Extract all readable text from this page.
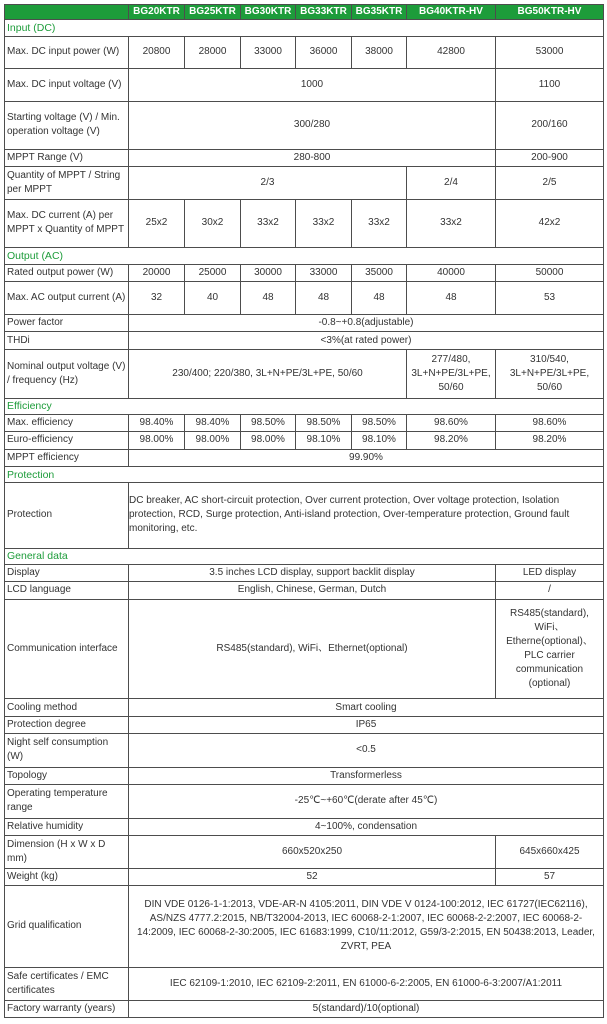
	BG20KTR	BG25KTR	BG30KTR	BG33KTR	BG35KTR	BG40KTR-HV	BG50KTR-HV
Input (DC)							
Max. DC input power (W)	20800	28000	33000	36000	38000	42800	53000
Max. DC input voltage (V)	1000						1100
Starting voltage (V) / Min. operation voltage (V)	300/280						200/160
MPPT Range (V)	280-800						200-900
Quantity of MPPT / String per MPPT	2/3					2/4	2/5
Max. DC current (A) per MPPT x Quantity of MPPT	25x2	30x2	33x2	33x2	33x2	33x2	42x2
Output (AC)							
Rated output power (W)	20000	25000	30000	33000	35000	40000	50000
Max. AC output current (A)	32	40	48	48	48	48	53
Power factor	-0.8~+0.8(adjustable)						
THDi	<3%(at rated power)						
Nominal output voltage (V) / frequency (Hz)	230/400; 220/380, 3L+N+PE/3L+PE, 50/60					277/480, 3L+N+PE/3L+PE, 50/60	310/540, 3L+N+PE/3L+PE, 50/60
Efficiency							
Max. efficiency	98.40%	98.40%	98.50%	98.50%	98.50%	98.60%	98.60%
Euro-efficiency	98.00%	98.00%	98.00%	98.10%	98.10%	98.20%	98.20%
MPPT efficiency	99.90%						
Protection							
Protection	DC breaker, AC short-circuit protection, Over current protection, Over voltage protection, Isolation protection, RCD, Surge protection, Anti-island protection, Over-temperature protection, Ground fault monitoring, etc.						
General data							
Display	3.5 inches LCD display, support backlit display						LED display
LCD language	English, Chinese, German, Dutch						/
Communication interface	RS485(standard), WiFi、Ethernet(optional)						RS485(standard), WiFi、Etherne(optional)、PLC carrier communication (optional)
Cooling method	Smart cooling						
Protection degree	IP65						
Night self consumption (W)	<0.5						
Topology	Transformerless						
Operating temperature range	-25℃~+60℃(derate after 45℃)						
Relative humidity	4~100%, condensation						
Dimension (H x W x D mm)	660x520x250						645x660x425
Weight (kg)	52						57
Grid qualification	DIN VDE 0126-1-1:2013, VDE-AR-N 4105:2011, DIN VDE V 0124-100:2012, IEC 61727(IEC62116), AS/NZS 4777.2:2015, NB/T32004-2013, IEC 60068-2-1:2007, IEC 60068-2-2:2007, IEC 60068-2-14:2009, IEC 60068-2-30:2005, IEC 61683:1999, C10/11:2012, G59/3-2:2015, EN 50438:2013, Leader, ZVRT, PEA						
Safe certificates / EMC certificates	IEC 62109-1:2010, IEC 62109-2:2011, EN 61000-6-2:2005, EN 61000-6-3:2007/A1:2011						
Factory warranty (years)	5(standard)/10(optional)						
